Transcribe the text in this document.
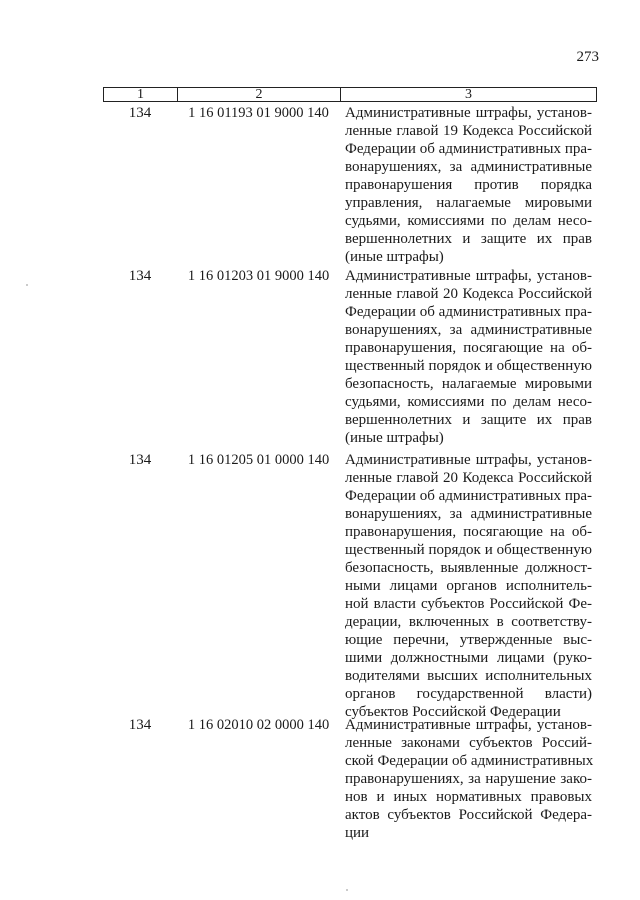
273
1	2	3
134	1 16 01193 01 9000 140	Административные штрафы, установ-
ленные главой 19 Кодекса Российской
Федерации об административных пра-
вонарушениях, за административные
правонарушения против порядка
управления, налагаемые мировыми
судьями, комиссиями по делам несо-
вершеннолетних и защите их прав
(иные штрафы)
134	1 16 01203 01 9000 140	Административные штрафы, установ-
ленные главой 20 Кодекса Российской
Федерации об административных пра-
вонарушениях, за административные
правонарушения, посягающие на об-
щественный порядок и общественную
безопасность, налагаемые мировыми
судьями, комиссиями по делам несо-
вершеннолетних и защите их прав
(иные штрафы)
134	1 16 01205 01 0000 140	Административные штрафы, установ-
ленные главой 20 Кодекса Российской
Федерации об административных пра-
вонарушениях, за административные
правонарушения, посягающие на об-
щественный порядок и общественную
безопасность, выявленные должност-
ными лицами органов исполнитель-
ной власти субъектов Российской Фе-
дерации, включенных в соответству-
ющие перечни, утвержденные выс-
шими должностными лицами (руко-
водителями высших исполнительных
органов государственной власти)
субъектов Российской Федерации
134	1 16 02010 02 0000 140	Административные штрафы, установ-
ленные законами субъектов Россий-
ской Федерации об административных
правонарушениях, за нарушение зако-
нов и иных нормативных правовых
актов субъектов Российской Федера-
ции
